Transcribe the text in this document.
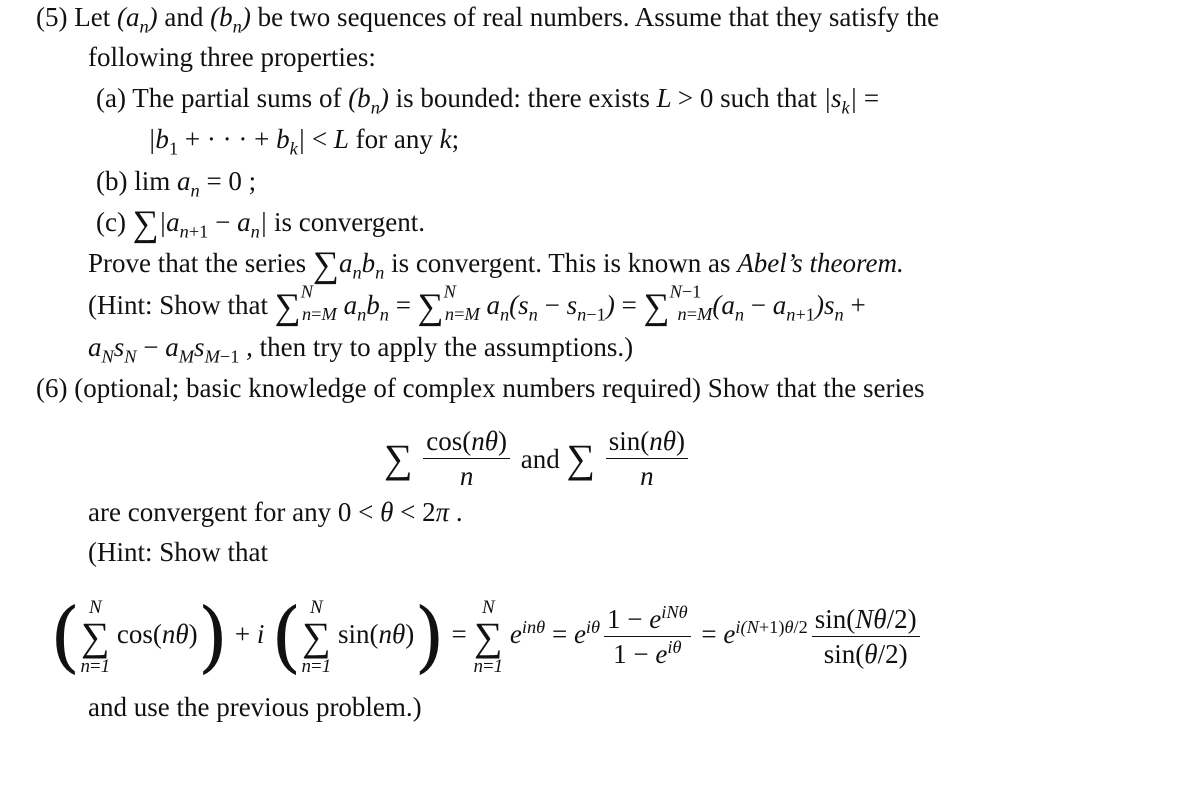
(5) Let $(a_n)$ and $(b_n)$ be two sequences of real numbers. Assume that they satisfy the
following three properties:
(a) The partial sums of $(b_n)$ is bounded: there exists L > 0 such that $|s_k|$ =
$|b_1$ + · · · + $b_k| < L$ for any k;
(b) $\lim a_n = 0$ ;
(c) $\sum|a_{n+1} - a_n|$ is convergent.
Prove that the series $\sum a_nb_n$ is convergent. This is known as Abel’s theorem.
(Hint: Show that ∑$^N_{n=M}$ $a_nb_n = \sum^N_{n=M}$ $a_n(s_n - s_{n-1}) = \sum^{N-1}_{n=M}(a_n - a_{n+1})s_n$ +
$a_Ns_N - a_Ms_{M-1}$ , then try to apply the assumptions.)
(6) (optional; basic knowledge of complex numbers required) Show that the series
∑
$\frac{\cos(n\theta)}{n}$ and ∑
$\frac{\sin(n\theta)}{n}$
are convergent for any 0 < θ < 2π .
(Hint: Show that
( N
∑
n=1
cos(nθ)) + i ( N
∑
n=1
sin(nθ)) =
N
∑
n=1
$e^{in\theta} = e^{i\theta} \frac{1 - e^{iN\theta}}{1 - e^{i\theta}} = e^{i(N+1)\theta/2} \frac{\sin(N\theta/2)}{\sin(\theta/2)}$
and use the previous problem.)
